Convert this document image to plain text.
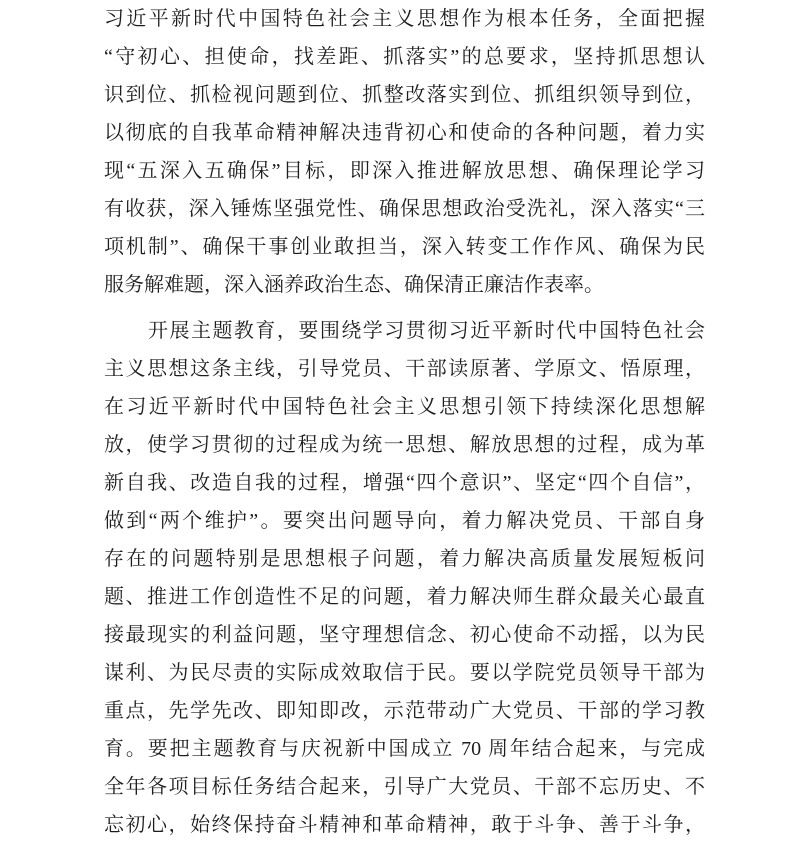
习近平新时代中国特色社会主义思想作为根本任务，全面把握
“守初心、担使命，找差距、抓落实”的总要求，坚持抓思想认
识到位、抓检视问题到位、抓整改落实到位、抓组织领导到位，
以彻底的自我革命精神解决违背初心和使命的各种问题，着力实
现“五深入五确保”目标，即深入推进解放思想、确保理论学习
有收获，深入锤炼坚强党性、确保思想政治受洗礼，深入落实“三
项机制”、确保干事创业敢担当，深入转变工作作风、确保为民
服务解难题，深入涵养政治生态、确保清正廉洁作表率。
开展主题教育，要围绕学习贯彻习近平新时代中国特色社会
主义思想这条主线，引导党员、干部读原著、学原文、悟原理，
在习近平新时代中国特色社会主义思想引领下持续深化思想解
放，使学习贯彻的过程成为统一思想、解放思想的过程，成为革
新自我、改造自我的过程，增强“四个意识”、坚定“四个自信”，
做到“两个维护”。要突出问题导向，着力解决党员、干部自身
存在的问题特别是思想根子问题，着力解决高质量发展短板问
题、推进工作创造性不足的问题，着力解决师生群众最关心最直
接最现实的利益问题，坚守理想信念、初心使命不动摇，以为民
谋利、为民尽责的实际成效取信于民。要以学院党员领导干部为
重点，先学先改、即知即改，示范带动广大党员、干部的学习教
育。要把主题教育与庆祝新中国成立 70 周年结合起来，与完成
全年各项目标任务结合起来，引导广大党员、干部不忘历史、不
忘初心，始终保持奋斗精神和革命精神，敢于斗争、善于斗争，
